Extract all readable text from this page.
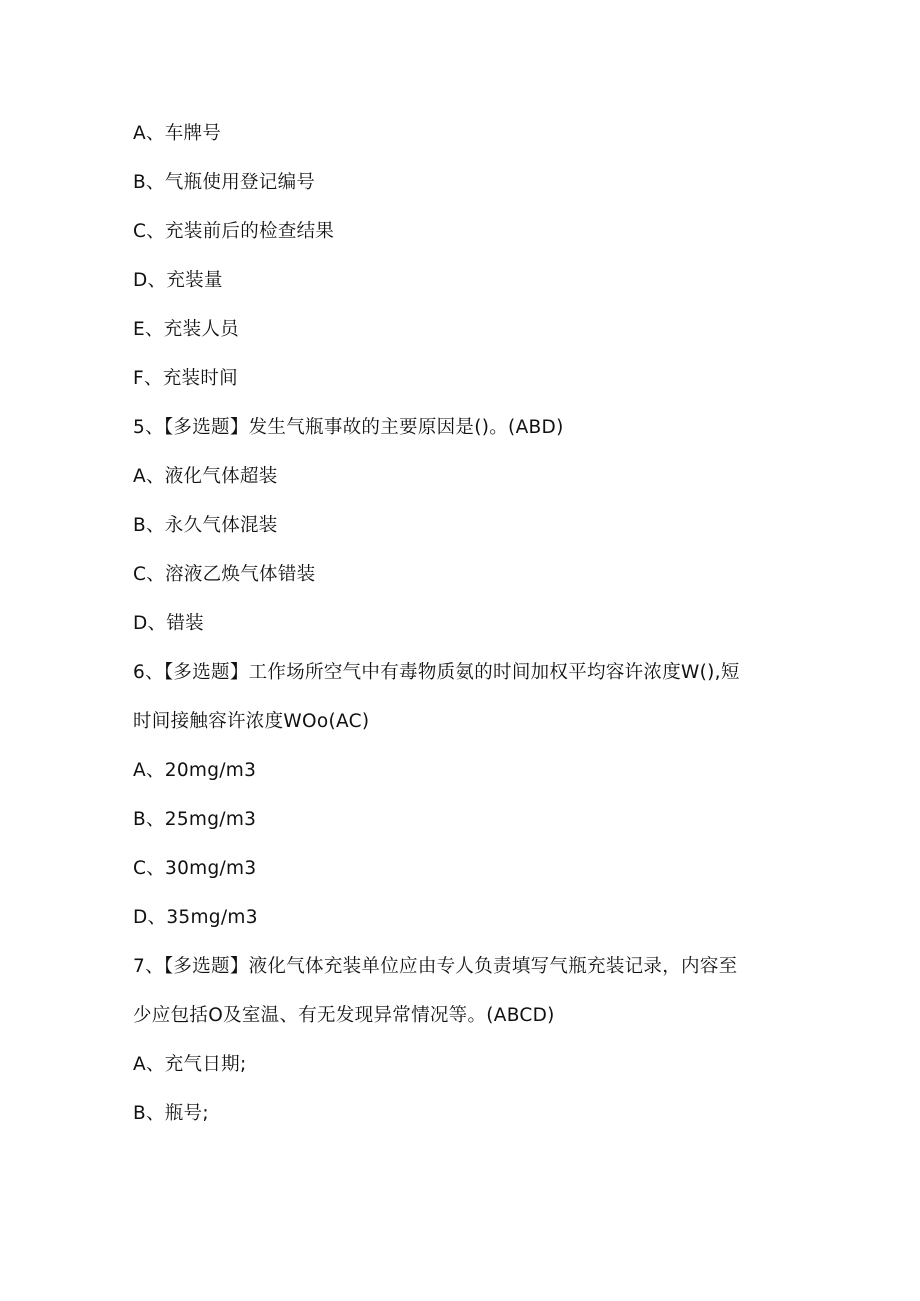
A、车牌号
B、气瓶使用登记编号
C、充装前后的检查结果
D、充装量
E、充装人员
F、充装时间
5、【多选题】发生气瓶事故的主要原因是()。(ABD)
A、液化气体超装
B、永久气体混装
C、溶液乙焕气体错装
D、错装
6、【多选题】工作场所空气中有毒物质氨的时间加权平均容许浓度W(),短
时间接触容许浓度WOo(AC)
A、20mg∕m3
B、25mg∕m3
C、30mg∕m3
D、35mg∕m3
7、【多选题】液化气体充装单位应由专人负责填写气瓶充装记录，内容至
少应包括O及室温、有无发现异常情况等。(ABCD)
A、充气日期;
B、瓶号;
